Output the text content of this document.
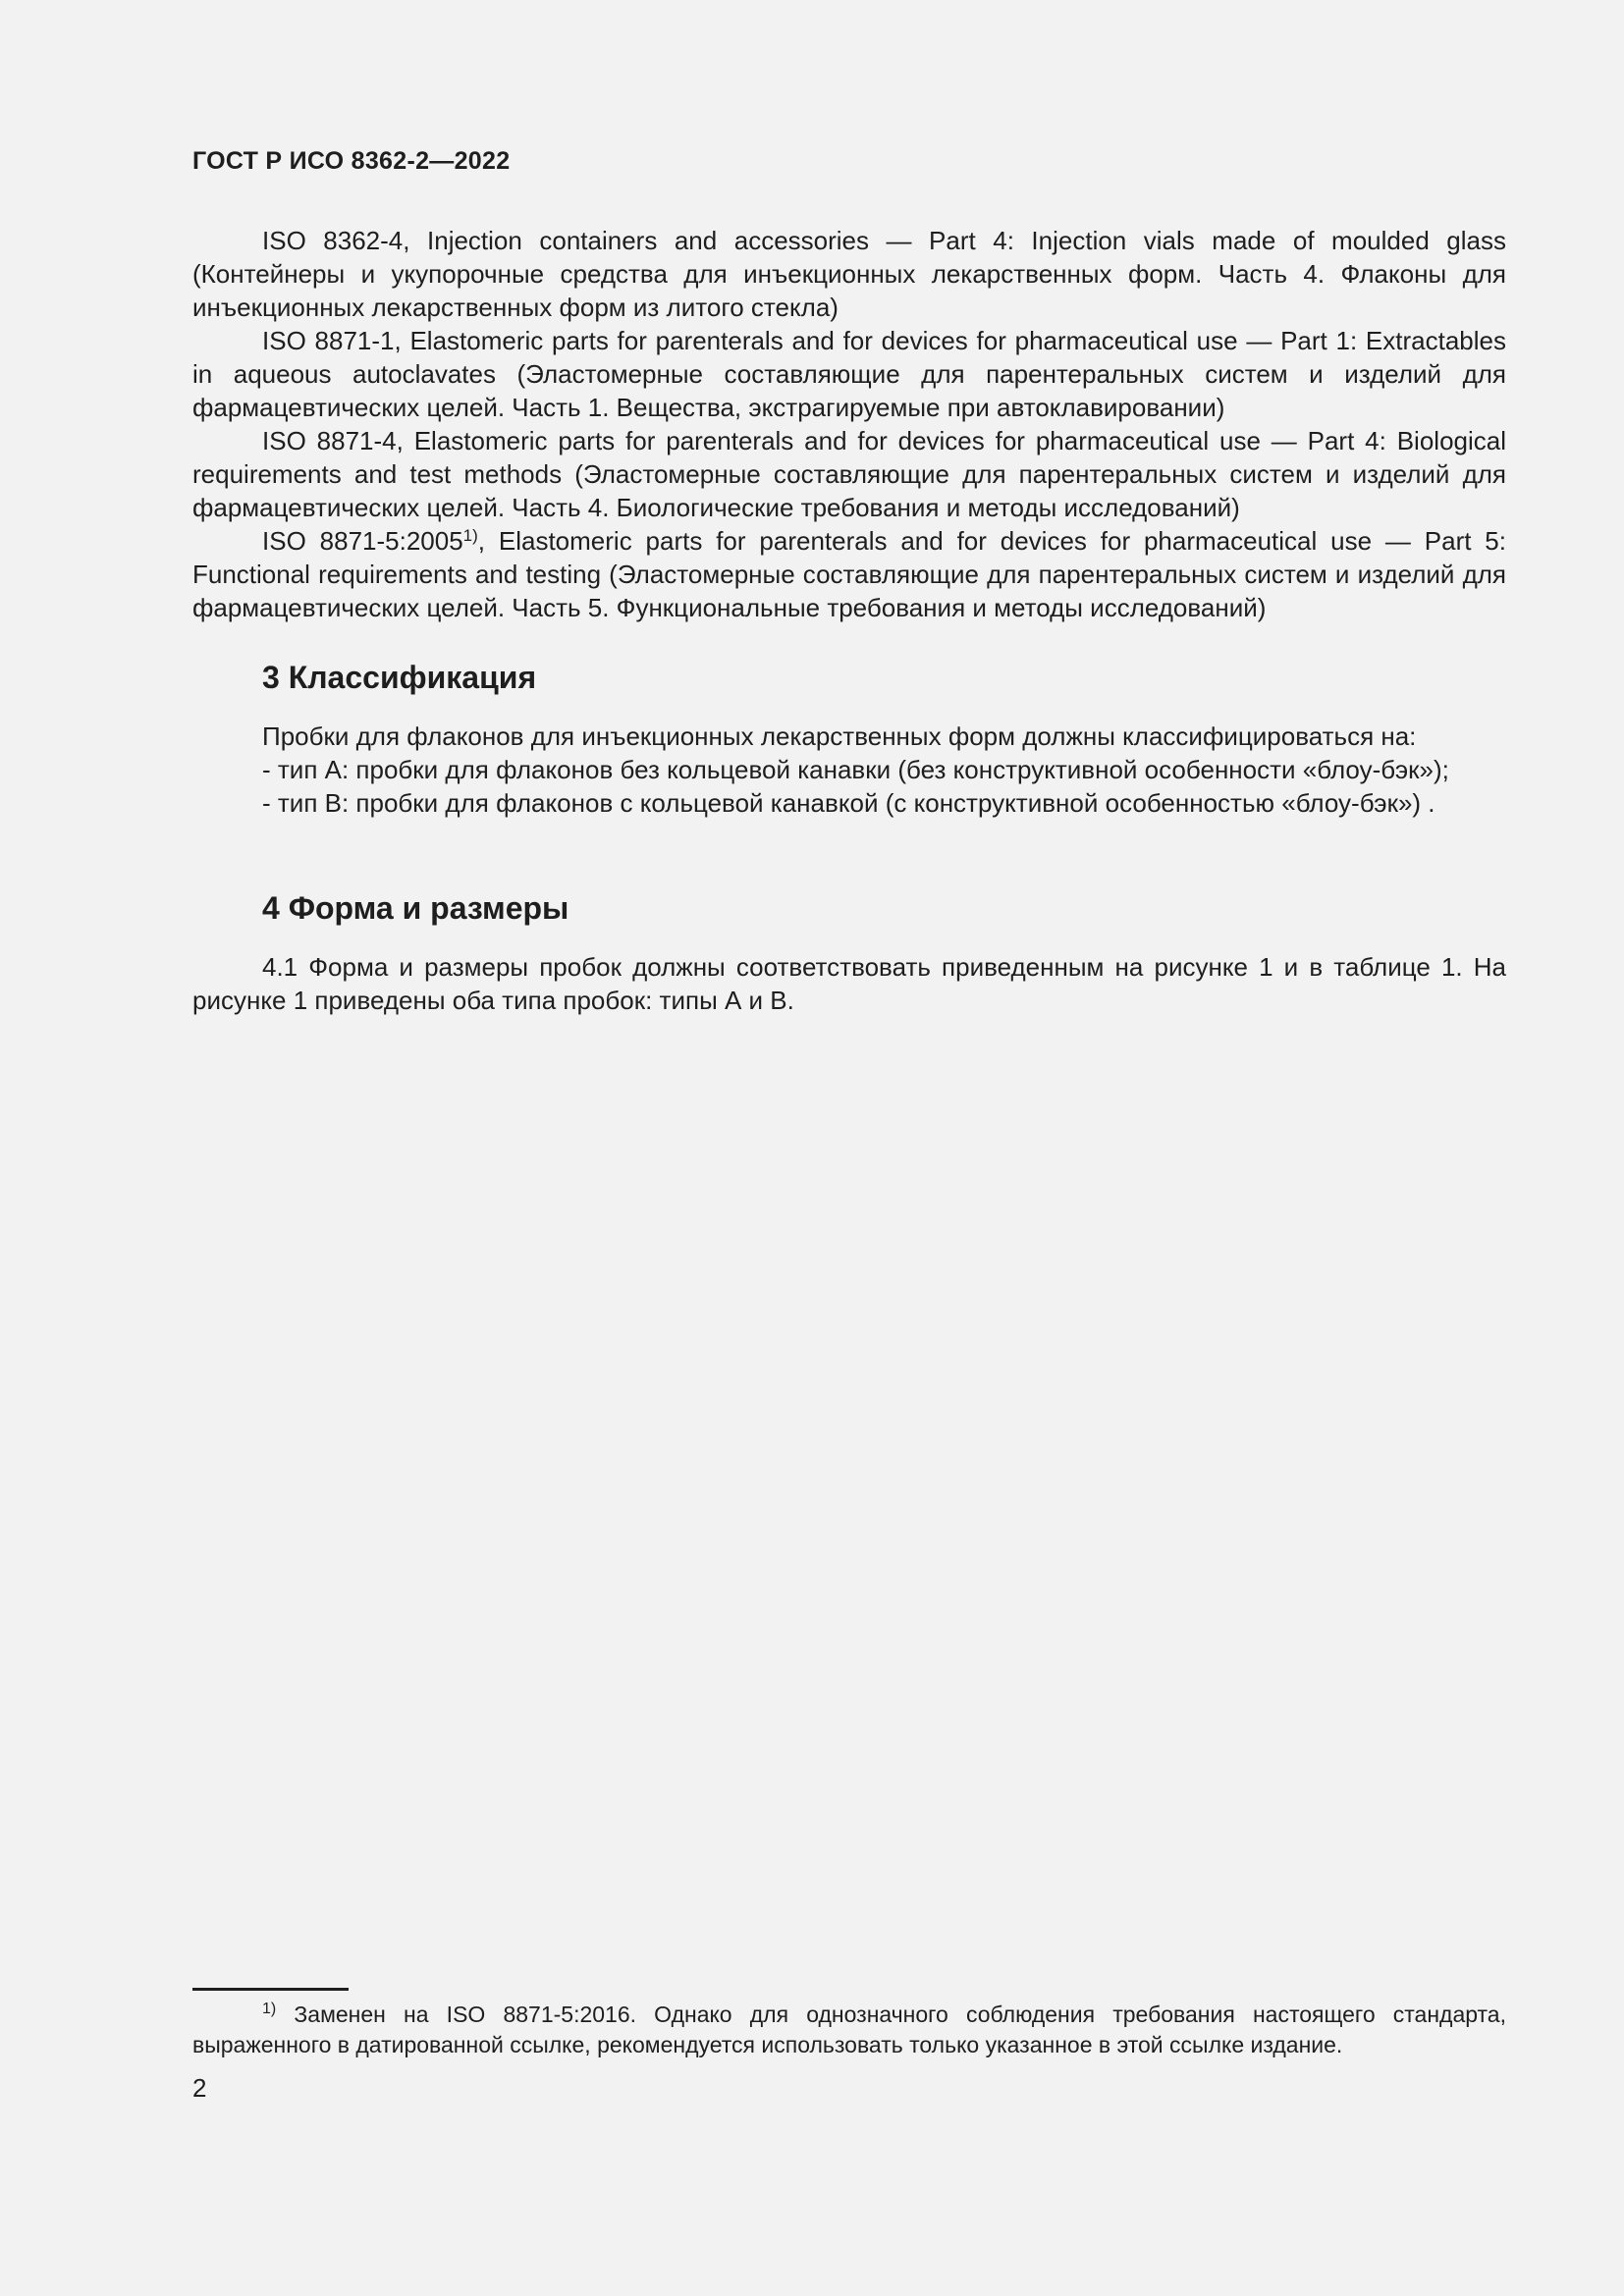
ГОСТ Р ИСО 8362-2—2022

ISO 8362-4, Injection containers and accessories — Part 4: Injection vials made of moulded glass (Контейнеры и укупорочные средства для инъекционных лекарственных форм. Часть 4. Флаконы для инъекционных лекарственных форм из литого стекла)

ISO 8871-1, Elastomeric parts for parenterals and for devices for pharmaceutical use — Part 1: Extractables in aqueous autoclavates (Эластомерные составляющие для парентеральных систем и изделий для фармацевтических целей. Часть 1. Вещества, экстрагируемые при автоклавировании)

ISO 8871-4, Elastomeric parts for parenterals and for devices for pharmaceutical use — Part 4: Biological requirements and test methods (Эластомерные составляющие для парентеральных систем и изделий для фармацевтических целей. Часть 4. Биологические требования и методы исследований)

ISO 8871-5:2005$^{1)}$, Elastomeric parts for parenterals and for devices for pharmaceutical use — Part 5: Functional requirements and testing (Эластомерные составляющие для парентеральных систем и изделий для фармацевтических целей. Часть 5. Функциональные требования и методы исследований)

3 Классификация

Пробки для флаконов для инъекционных лекарственных форм должны классифицироваться на:

- тип А: пробки для флаконов без кольцевой канавки (без конструктивной особенности «блоу-бэк»);

- тип В: пробки для флаконов с кольцевой канавкой (с конструктивной особенностью «блоу-бэк») .

4 Форма и размеры

4.1 Форма и размеры пробок должны соответствовать приведенным на рисунке 1 и в таблице 1. На рисунке 1 приведены оба типа пробок: типы А и В.

$^{1)}$ Заменен на ISO 8871-5:2016. Однако для однозначного соблюдения требования настоящего стандарта, выраженного в датированной ссылке, рекомендуется использовать только указанное в этой ссылке издание.

2
